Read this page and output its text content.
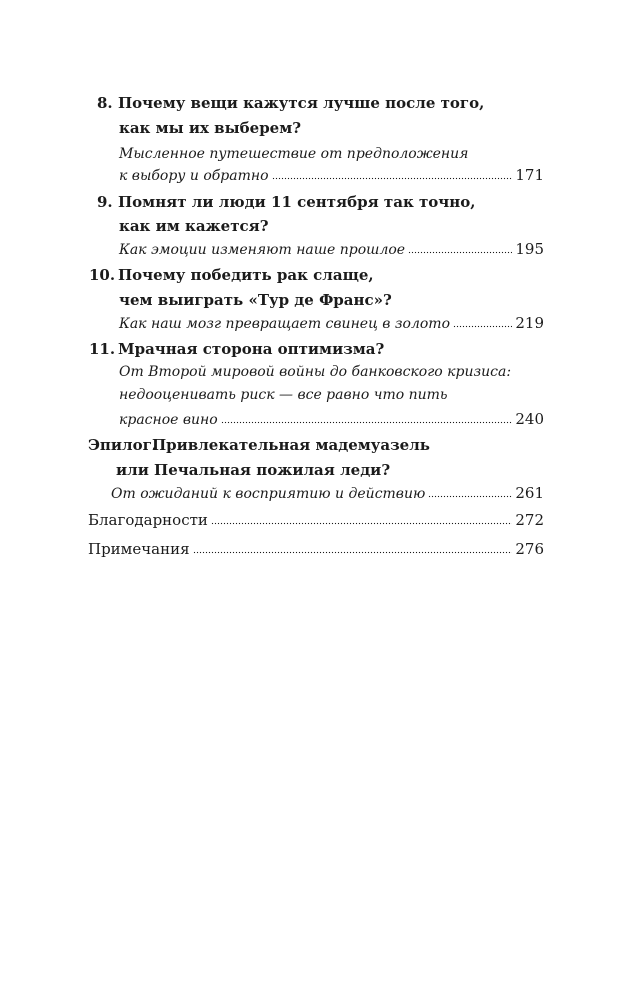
8. Почему вещи кажутся лучше после того,
как мы их выберем?
Мысленное путешествие от предположения
к выбору и обратно	171
9. Помнят ли люди 11 сентября так точно,
как им кажется?
Как эмоции изменяют наше прошлое	195
10. Почему победить рак слаще,
чем выиграть «Тур де Франс»?
Как наш мозг превращает свинец в золото	219
11. Мрачная сторона оптимизма?
От Второй мировой войны до банковского кризиса:
недооценивать риск — все равно что пить
красное вино	240
Эпилог.
Привлекательная мадемуазель
или Печальная пожилая леди?
От ожиданий к восприятию и действию	261
Благодарности	272
Примечания	276
